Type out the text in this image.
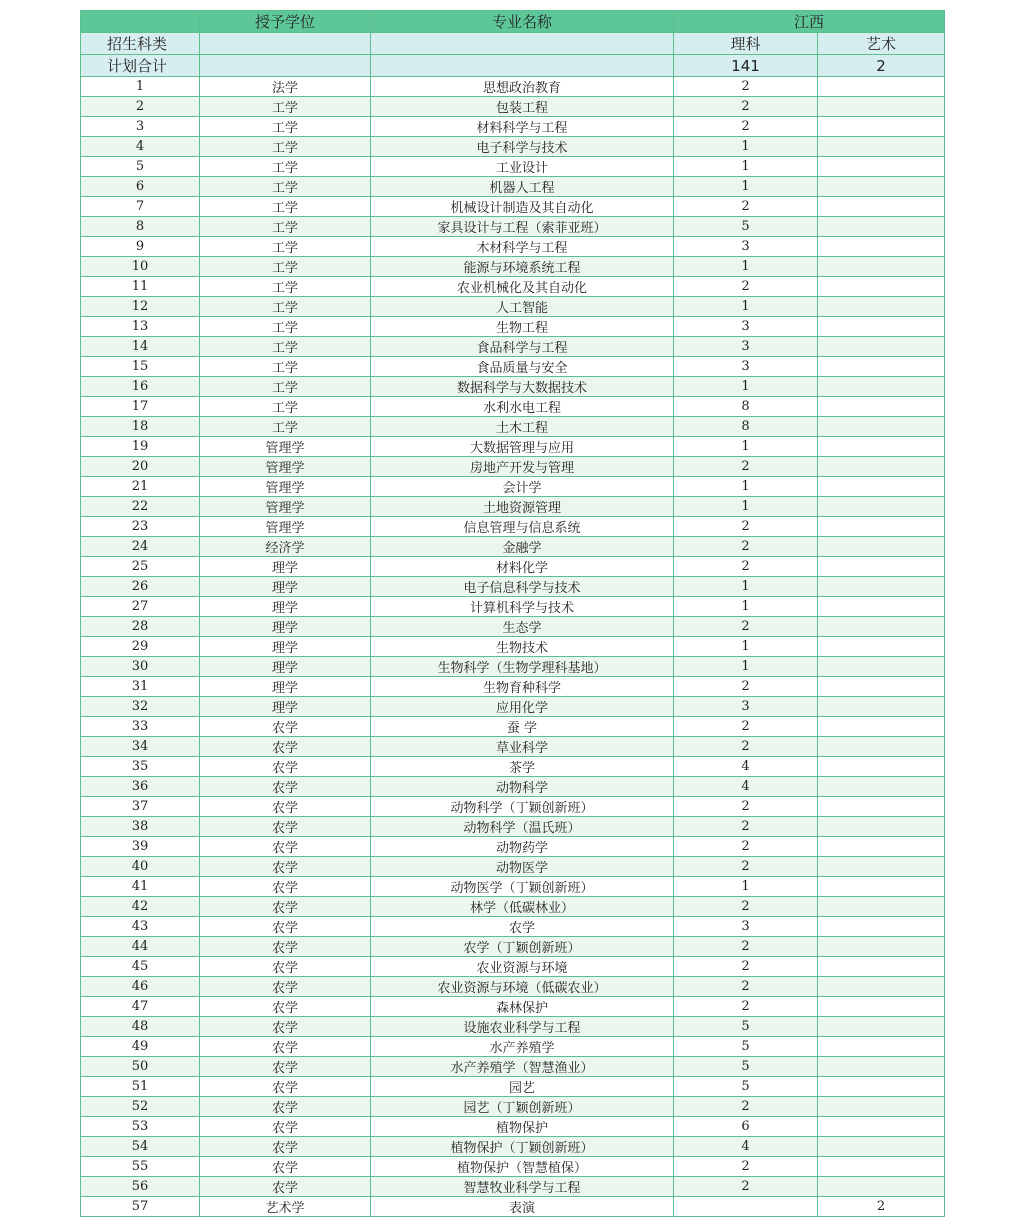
	授予学位	专业名称	江西	
招生科类			理科	艺术
计划合计			141	2
1	法学	思想政治教育	2	
2	工学	包装工程	2	
3	工学	材料科学与工程	2	
4	工学	电子科学与技术	1	
5	工学	工业设计	1	
6	工学	机器人工程	1	
7	工学	机械设计制造及其自动化	2	
8	工学	家具设计与工程（索菲亚班）	5	
9	工学	木材科学与工程	3	
10	工学	能源与环境系统工程	1	
11	工学	农业机械化及其自动化	2	
12	工学	人工智能	1	
13	工学	生物工程	3	
14	工学	食品科学与工程	3	
15	工学	食品质量与安全	3	
16	工学	数据科学与大数据技术	1	
17	工学	水利水电工程	8	
18	工学	土木工程	8	
19	管理学	大数据管理与应用	1	
20	管理学	房地产开发与管理	2	
21	管理学	会计学	1	
22	管理学	土地资源管理	1	
23	管理学	信息管理与信息系统	2	
24	经济学	金融学	2	
25	理学	材料化学	2	
26	理学	电子信息科学与技术	1	
27	理学	计算机科学与技术	1	
28	理学	生态学	2	
29	理学	生物技术	1	
30	理学	生物科学（生物学理科基地）	1	
31	理学	生物育种科学	2	
32	理学	应用化学	3	
33	农学	蚕 学	2	
34	农学	草业科学	2	
35	农学	茶学	4	
36	农学	动物科学	4	
37	农学	动物科学（丁颖创新班）	2	
38	农学	动物科学（温氏班）	2	
39	农学	动物药学	2	
40	农学	动物医学	2	
41	农学	动物医学（丁颖创新班）	1	
42	农学	林学（低碳林业）	2	
43	农学	农学	3	
44	农学	农学（丁颖创新班）	2	
45	农学	农业资源与环境	2	
46	农学	农业资源与环境（低碳农业）	2	
47	农学	森林保护	2	
48	农学	设施农业科学与工程	5	
49	农学	水产养殖学	5	
50	农学	水产养殖学（智慧渔业）	5	
51	农学	园艺	5	
52	农学	园艺（丁颖创新班）	2	
53	农学	植物保护	6	
54	农学	植物保护（丁颖创新班）	4	
55	农学	植物保护（智慧植保）	2	
56	农学	智慧牧业科学与工程	2	
57	艺术学	表演		2
